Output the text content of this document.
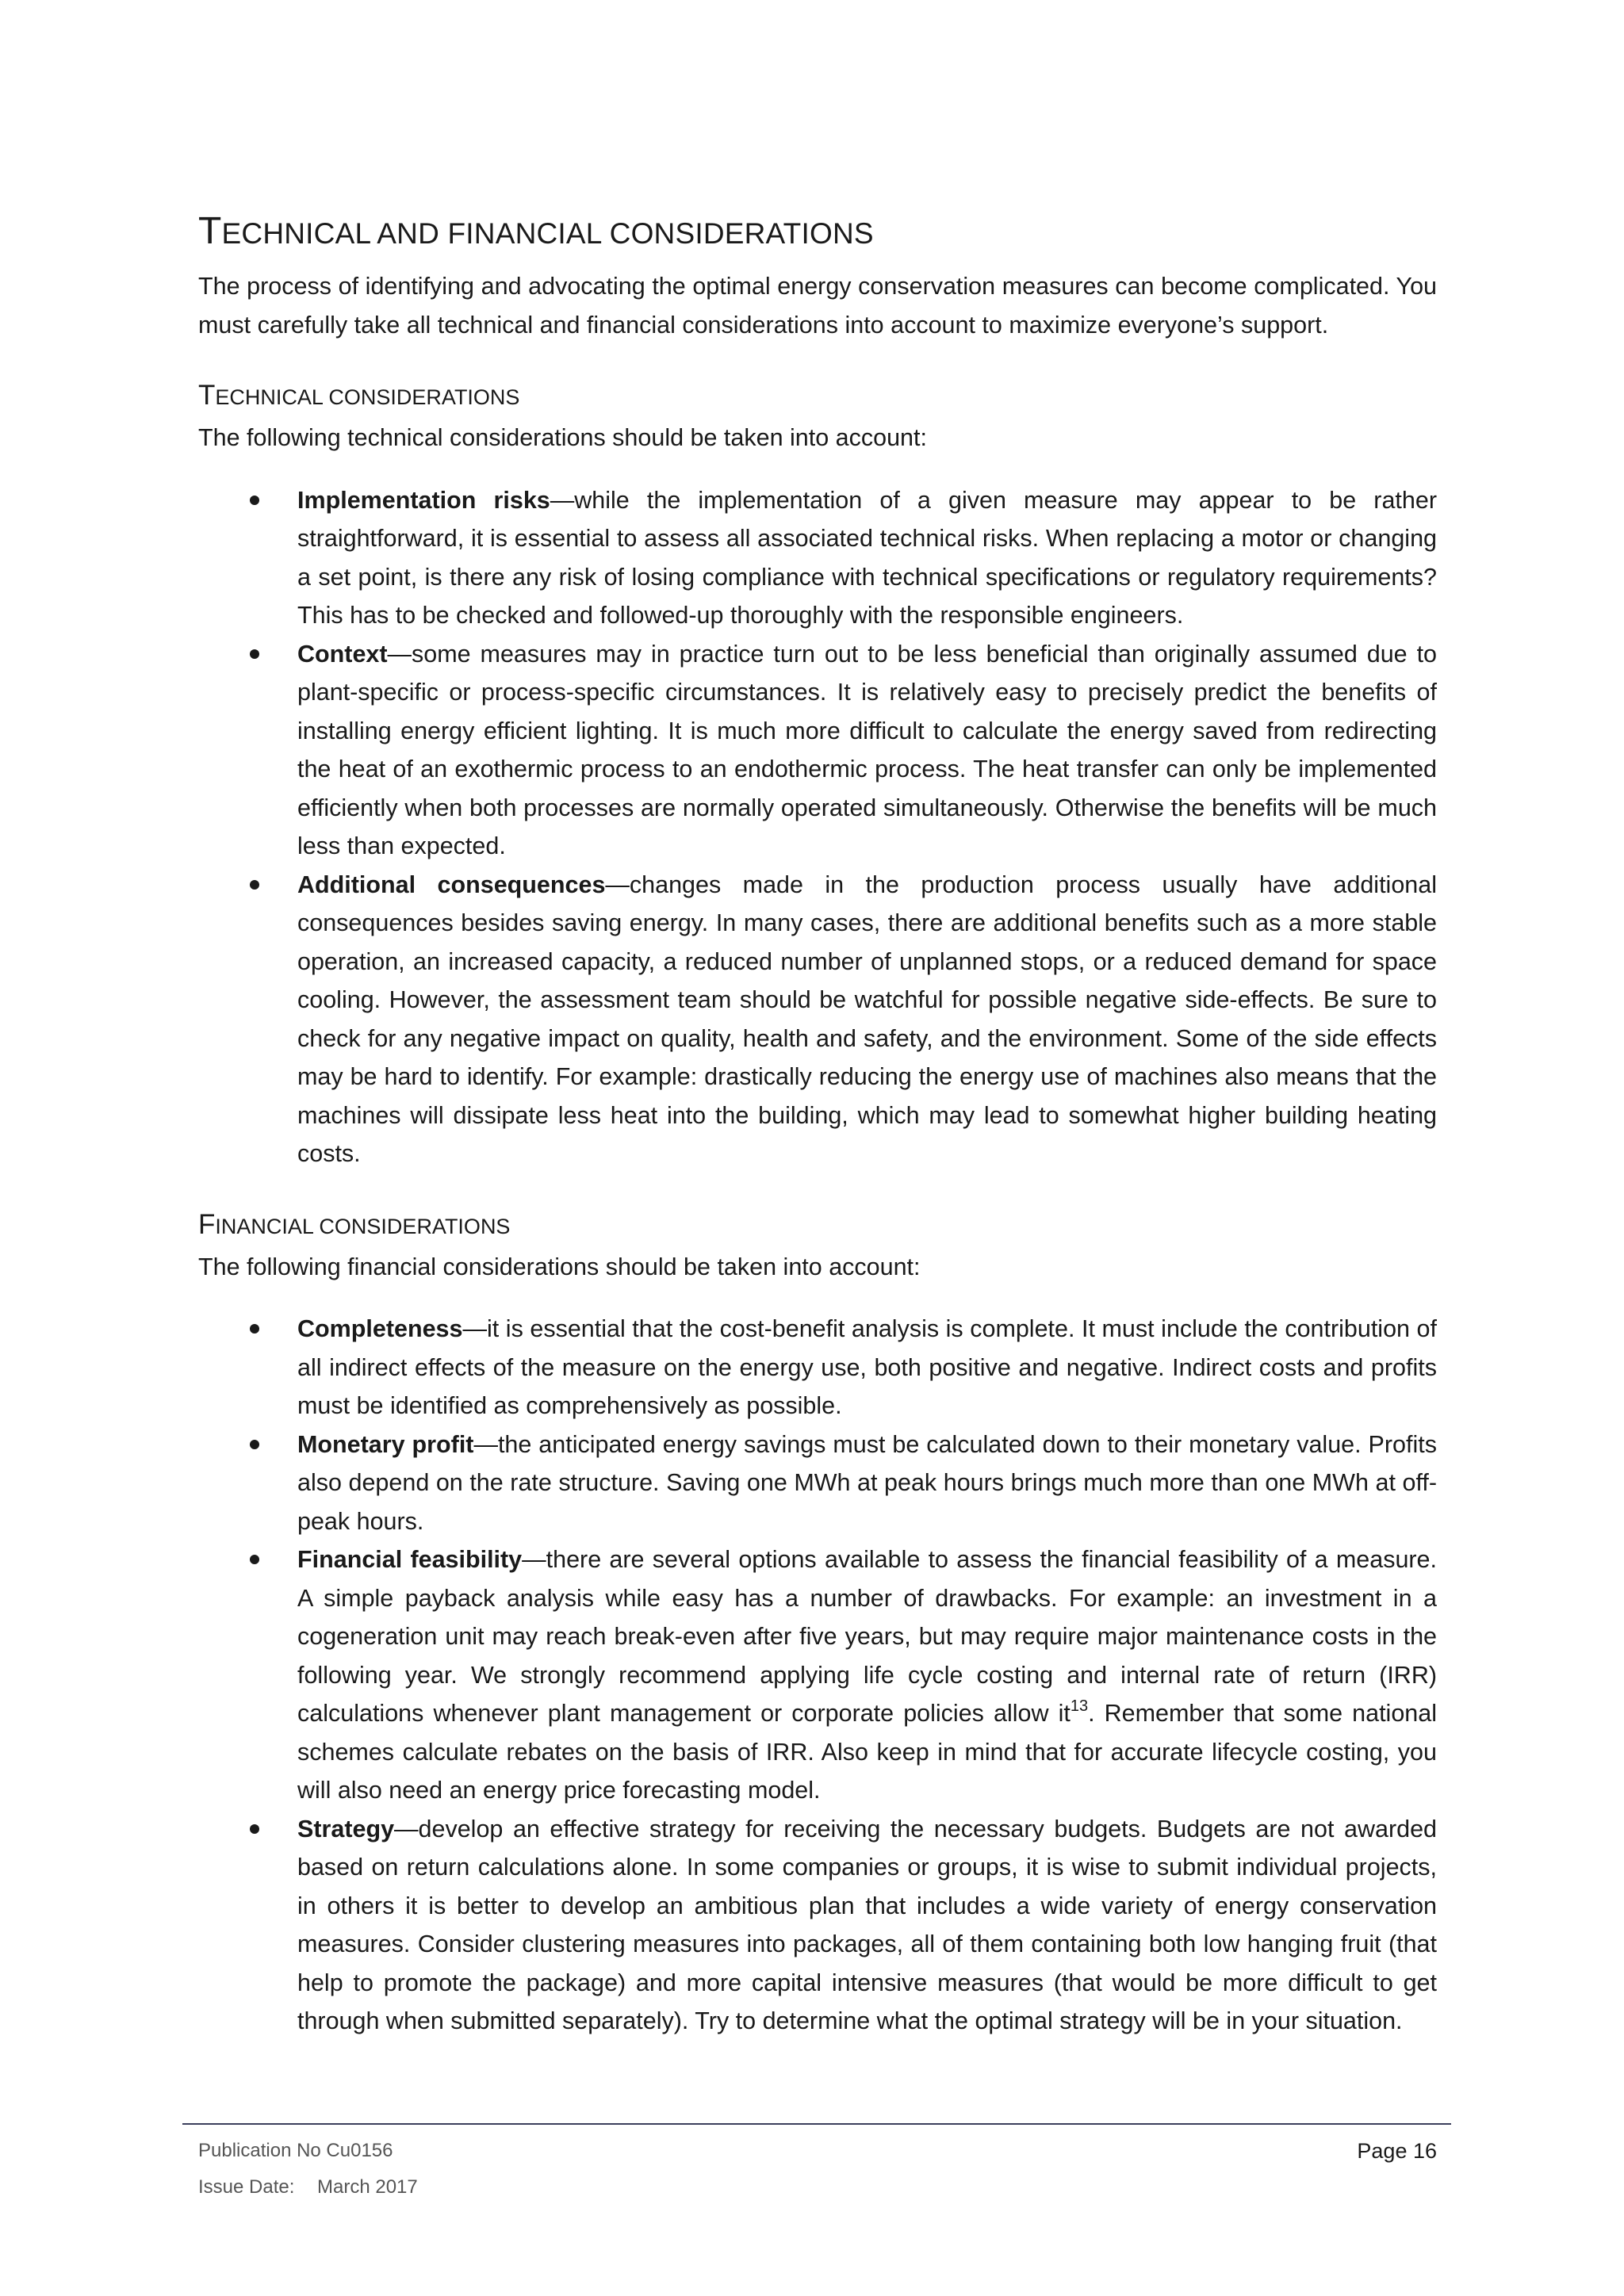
TECHNICAL AND FINANCIAL CONSIDERATIONS

The process of identifying and advocating the optimal energy conservation measures can become complicated. You must carefully take all technical and financial considerations into account to maximize everyone’s support.

TECHNICAL CONSIDERATIONS

The following technical considerations should be taken into account:

Implementation risks—while the implementation of a given measure may appear to be rather straightforward, it is essential to assess all associated technical risks. When replacing a motor or changing a set point, is there any risk of losing compliance with technical specifications or regulatory requirements? This has to be checked and followed-up thoroughly with the responsible engineers.
Context—some measures may in practice turn out to be less beneficial than originally assumed due to plant-specific or process-specific circumstances. It is relatively easy to precisely predict the benefits of installing energy efficient lighting. It is much more difficult to calculate the energy saved from redirecting the heat of an exothermic process to an endothermic process. The heat transfer can only be implemented efficiently when both processes are normally operated simultaneously. Otherwise the benefits will be much less than expected.
Additional consequences—changes made in the production process usually have additional consequences besides saving energy. In many cases, there are additional benefits such as a more stable operation, an increased capacity, a reduced number of unplanned stops, or a reduced demand for space cooling. However, the assessment team should be watchful for possible negative side-effects. Be sure to check for any negative impact on quality, health and safety, and the environment. Some of the side effects may be hard to identify. For example: drastically reducing the energy use of machines also means that the machines will dissipate less heat into the building, which may lead to somewhat higher building heating costs.
FINANCIAL CONSIDERATIONS

The following financial considerations should be taken into account:

Completeness—it is essential that the cost-benefit analysis is complete. It must include the contribution of all indirect effects of the measure on the energy use, both positive and negative. Indirect costs and profits must be identified as comprehensively as possible.
Monetary profit—the anticipated energy savings must be calculated down to their monetary value. Profits also depend on the rate structure. Saving one MWh at peak hours brings much more than one MWh at off-peak hours.
Financial feasibility—there are several options available to assess the financial feasibility of a measure. A simple payback analysis while easy has a number of drawbacks. For example: an investment in a cogeneration unit may reach break-even after five years, but may require major maintenance costs in the following year. We strongly recommend applying life cycle costing and internal rate of return (IRR) calculations whenever plant management or corporate policies allow $it^{13}$. Remember that some national schemes calculate rebates on the basis of IRR. Also keep in mind that for accurate lifecycle costing, you will also need an energy price forecasting model.
Strategy—develop an effective strategy for receiving the necessary budgets. Budgets are not awarded based on return calculations alone. In some companies or groups, it is wise to submit individual projects, in others it is better to develop an ambitious plan that includes a wide variety of energy conservation measures. Consider clustering measures into packages, all of them containing both low hanging fruit (that help to promote the package) and more capital intensive measures (that would be more difficult to get through when submitted separately). Try to determine what the optimal strategy will be in your situation.
Publication No Cu0156
Issue Date: March 2017
Page 16
